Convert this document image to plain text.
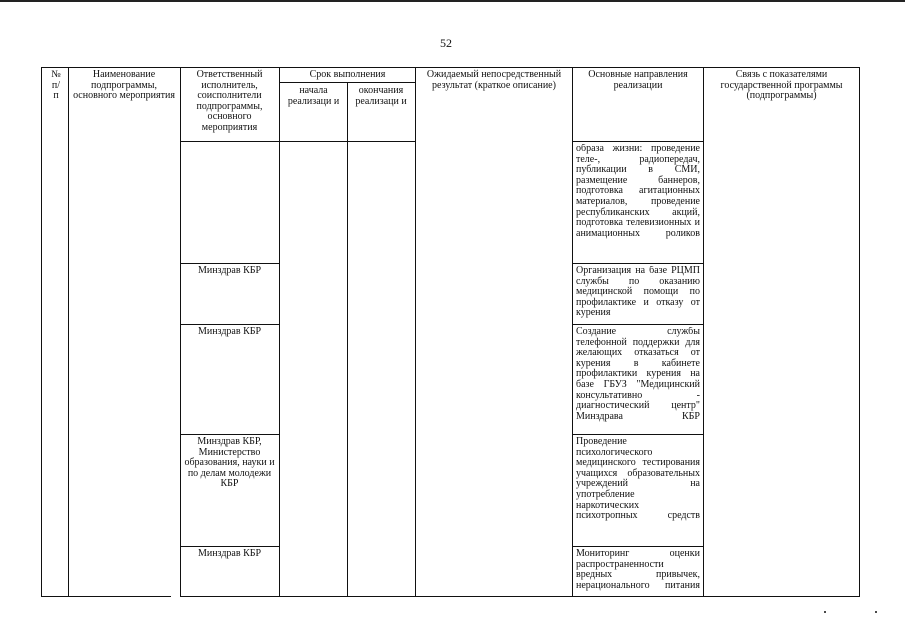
52
№ п/ п
Наименование подпрограммы, основного мероприятия
Ответственный исполнитель, соисполнители подпрограммы, основного мероприятия
Срок выполнения
начала реализаци и
окончания реализаци и
Ожидаемый непосредственный результат (краткое описание)
Основные направления реализации
Связь с показателями государственной программы (подпрограммы)
Минздрав КБР
Минздрав КБР
Минздрав КБР, Министерство образования, науки и по делам молодежи КБР
Минздрав КБР
образа жизни: проведение теле-, радиопередач, публикации в СМИ, размещение баннеров, подготовка агитационных материалов, проведение республиканских акций, подготовка телевизионных и анимационных роликов
Организация на базе РЦМП службы по оказанию медицинской помощи по профилактике и отказу от курения
Создание службы телефонной поддержки для желающих отказаться от курения в кабинете профилактики курения на базе ГБУЗ "Медицинский консультативно - диагностический центр" Минздрава КБР
Проведение психологического медицинского тестирования учащихся образовательных учреждений на употребление наркотических психотропных средств
Мониторинг оценки распространенности вредных привычек, нерационального питания
